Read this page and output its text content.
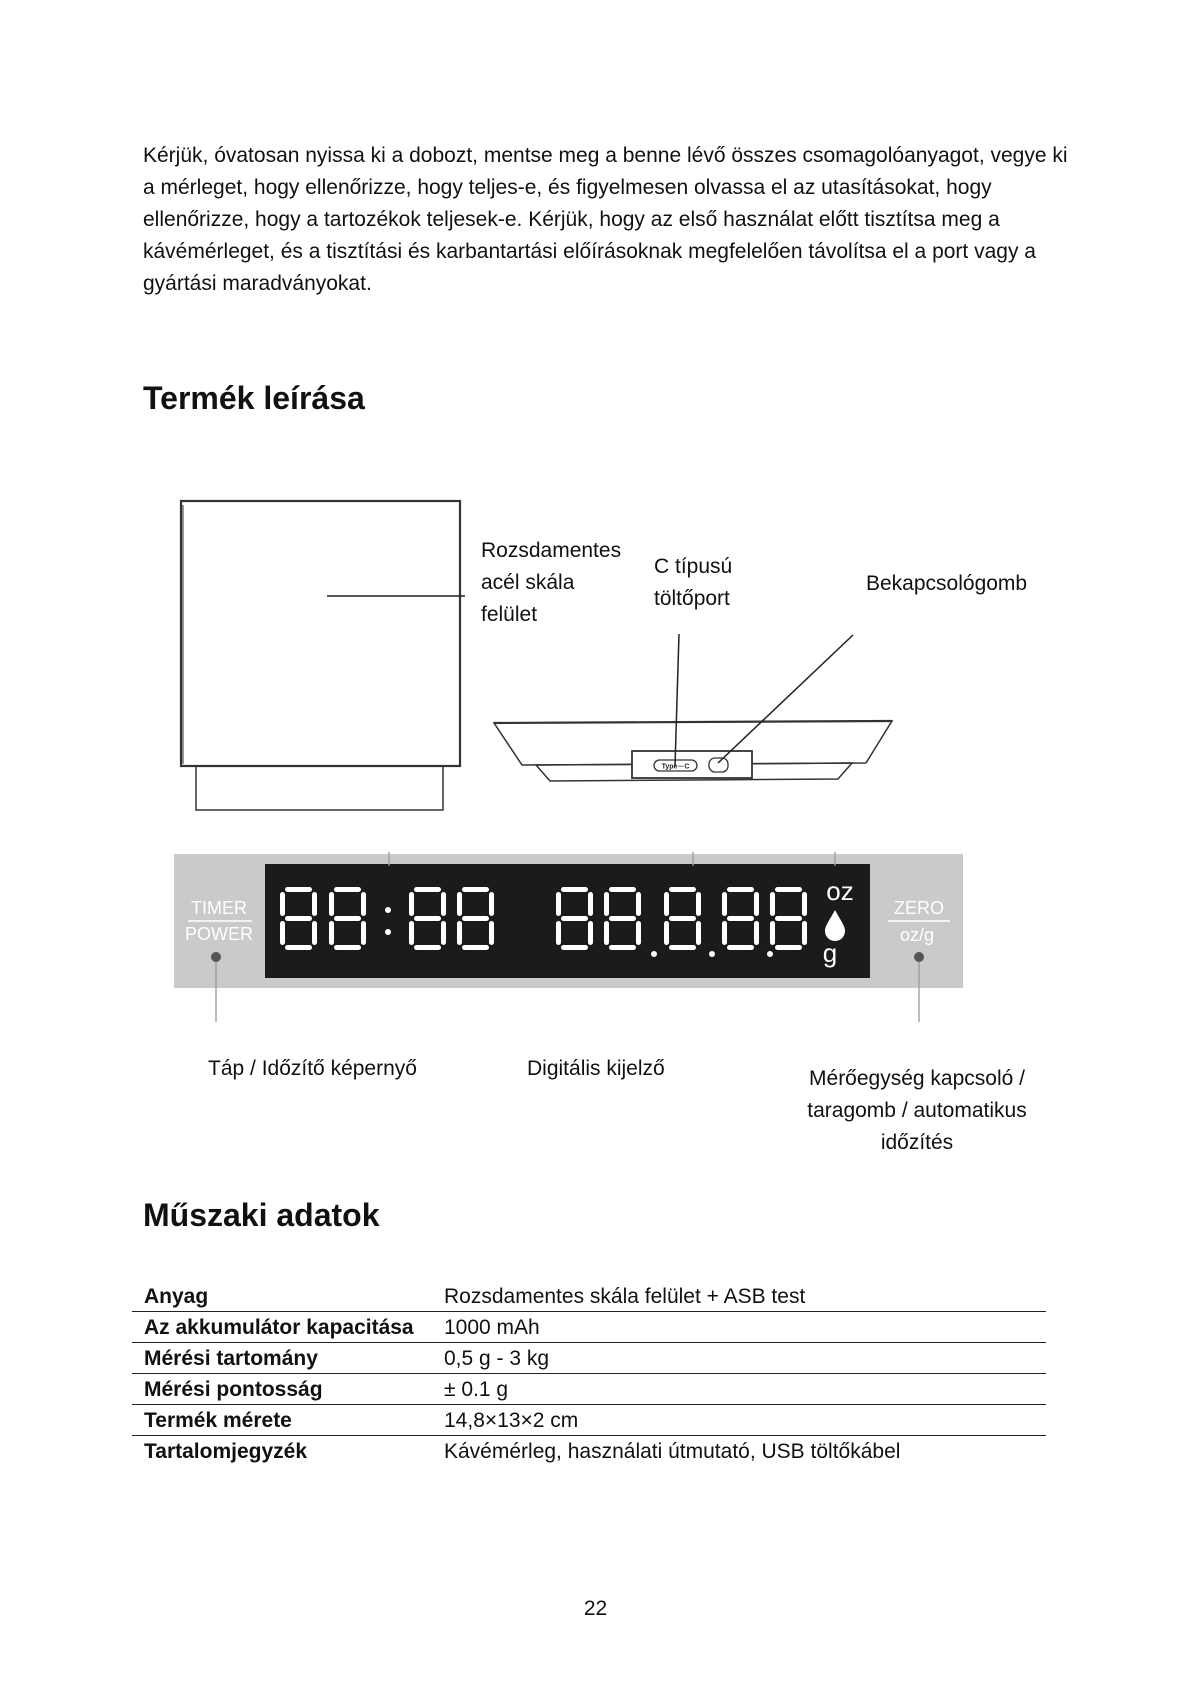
Kérjük, óvatosan nyissa ki a dobozt, mentse meg a benne lévő összes csomagolóanyagot, vegye ki a mérleget, hogy ellenőrizze, hogy teljes-e, és figyelmesen olvassa el az utasításokat, hogy ellenőrizze, hogy a tartozékok teljesek-e. Kérjük, hogy az első használat előtt tisztítsa meg a kávémérleget, és a tisztítási és karbantartási előírásoknak megfelelően távolítsa el a port vagy a gyártási maradványokat.

Termék leírása
Type－C
Rozsdamentes acél skála felület
C típusú töltőport
Bekapcsológomb
TIMER
POWER
ZERO
oz/g
oz
g
Táp / Időzítő képernyő	Digitális kijelző	Mérőegység kapcsoló / taragomb / automatikus időzítés
Műszaki adatok
Anyag	Rozsdamentes skála felület + ASB test
Az akkumulátor kapacitása	1000 mAh
Mérési tartomány	0,5 g - 3 kg
Mérési pontosság	± 0.1 g
Termék mérete	14,8×13×2 cm
Tartalomjegyzék	Kávémérleg, használati útmutató, USB töltőkábel
22
